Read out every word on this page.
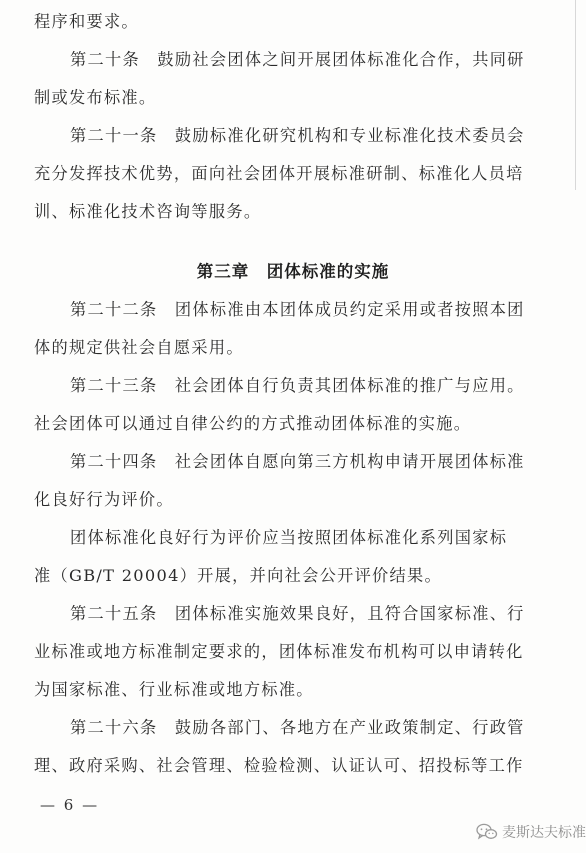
程序和要求。
第二十条　鼓励社会团体之间开展团体标准化合作，共同研
制或发布标准。
第二十一条　鼓励标准化研究机构和专业标准化技术委员会
充分发挥技术优势，面向社会团体开展标准研制、标准化人员培
训、标准化技术咨询等服务。
第三章　团体标准的实施
第二十二条　团体标准由本团体成员约定采用或者按照本团
体的规定供社会自愿采用。
第二十三条　社会团体自行负责其团体标准的推广与应用。
社会团体可以通过自律公约的方式推动团体标准的实施。
第二十四条　社会团体自愿向第三方机构申请开展团体标准
化良好行为评价。
团体标准化良好行为评价应当按照团体标准化系列国家标
准（GB/T 20004）开展，并向社会公开评价结果。
第二十五条　团体标准实施效果良好，且符合国家标准、行
业标准或地方标准制定要求的，团体标准发布机构可以申请转化
为国家标准、行业标准或地方标准。
第二十六条　鼓励各部门、各地方在产业政策制定、行政管
理、政府采购、社会管理、检验检测、认证认可、招投标等工作
— 6 —
麦斯达夫标准
